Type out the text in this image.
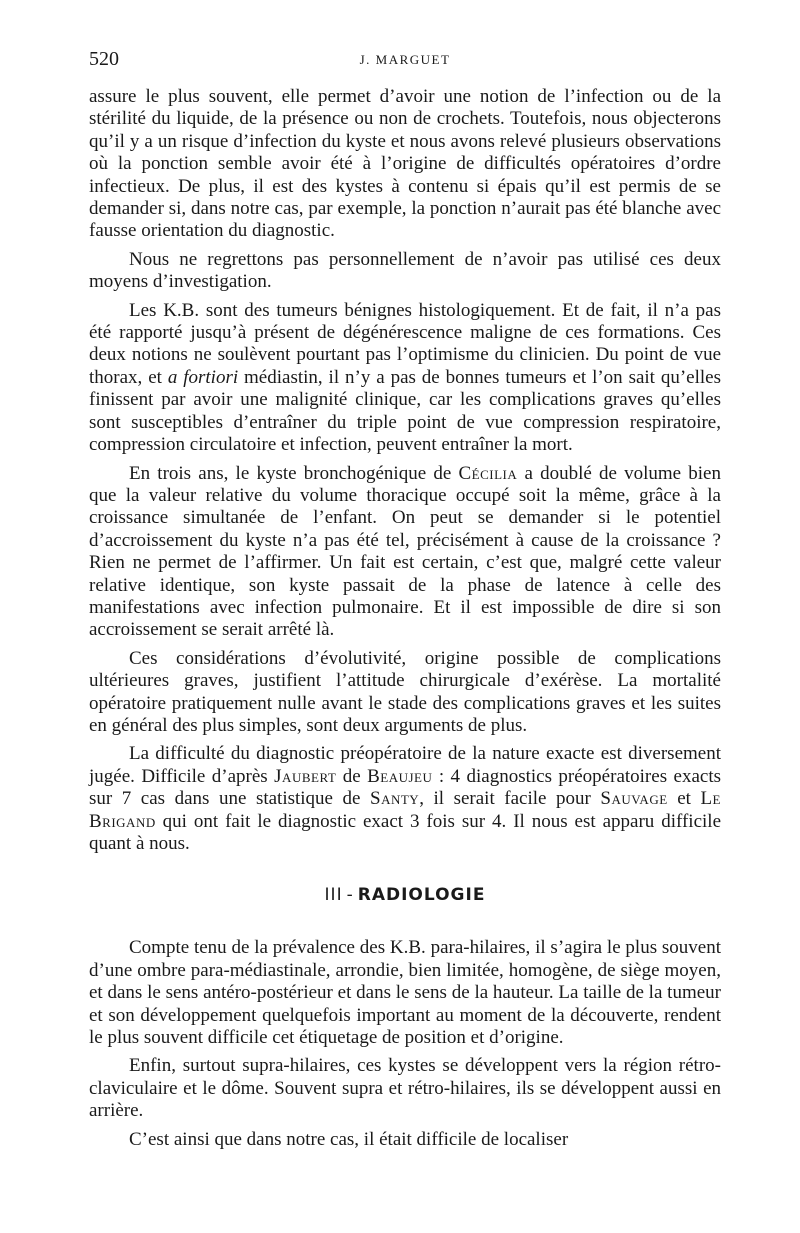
520	J. MARGUET

assure le plus souvent, elle permet d’avoir une notion de l’infection ou de la stérilité du liquide, de la présence ou non de crochets. Toutefois, nous objecterons qu’il y a un risque d’infection du kyste et nous avons relevé plusieurs observations où la ponction semble avoir été à l’origine de difficultés opératoires d’ordre infectieux. De plus, il est des kystes à contenu si épais qu’il est permis de se demander si, dans notre cas, par exemple, la ponction n’aurait pas été blanche avec fausse orientation du diagnostic.

Nous ne regrettons pas personnellement de n’avoir pas utilisé ces deux moyens d’investigation.

Les K.B. sont des tumeurs bénignes histologiquement. Et de fait, il n’a pas été rapporté jusqu’à présent de dégénérescence maligne de ces formations. Ces deux notions ne soulèvent pourtant pas l’optimisme du clinicien. Du point de vue thorax, et a fortiori médiastin, il n’y a pas de bonnes tumeurs et l’on sait qu’elles finissent par avoir une malignité clinique, car les complications graves qu’elles sont susceptibles d’entraîner du triple point de vue compression respiratoire, compression circulatoire et infection, peuvent entraîner la mort.

En trois ans, le kyste bronchogénique de Cécilia a doublé de volume bien que la valeur relative du volume thoracique occupé soit la même, grâce à la croissance simultanée de l’enfant. On peut se demander si le potentiel d’accroissement du kyste n’a pas été tel, précisément à cause de la croissance ? Rien ne permet de l’affirmer. Un fait est certain, c’est que, malgré cette valeur relative identique, son kyste passait de la phase de latence à celle des manifestations avec infection pulmonaire. Et il est impossible de dire si son accroissement se serait arrêté là.

Ces considérations d’évolutivité, origine possible de complications ultérieures graves, justifient l’attitude chirurgicale d’exérèse. La mortalité opératoire pratiquement nulle avant le stade des complications graves et les suites en général des plus simples, sont deux arguments de plus.

La difficulté du diagnostic préopératoire de la nature exacte est diversement jugée. Difficile d’après Jaubert de Beaujeu : 4 diagnostics préopératoires exacts sur 7 cas dans une statistique de Santy, il serait facile pour Sauvage et Le Brigand qui ont fait le diagnostic exact 3 fois sur 4. Il nous est apparu difficile quant à nous.

III - RADIOLOGIE

Compte tenu de la prévalence des K.B. para-hilaires, il s’agira le plus souvent d’une ombre para-médiastinale, arrondie, bien limitée, homogène, de siège moyen, et dans le sens antéro-postérieur et dans le sens de la hauteur. La taille de la tumeur et son développement quelquefois important au moment de la découverte, rendent le plus souvent difficile cet étiquetage de position et d’origine.

Enfin, surtout supra-hilaires, ces kystes se développent vers la région rétro-claviculaire et le dôme. Souvent supra et rétro-hilaires, ils se développent aussi en arrière.

C’est ainsi que dans notre cas, il était difficile de localiser
